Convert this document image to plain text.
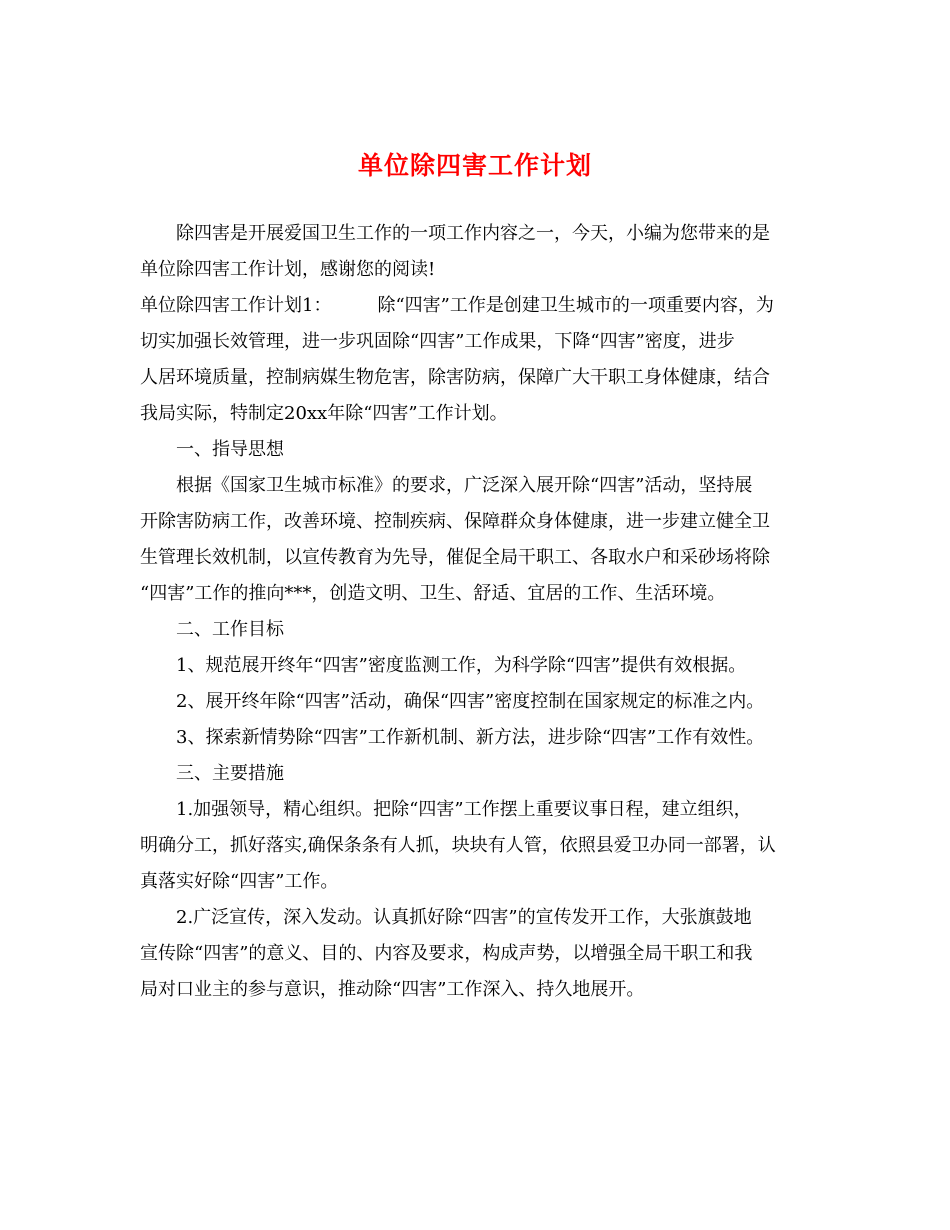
单位除四害工作计划
除四害是开展爱国卫生工作的一项工作内容之一，今天，小编为您带来的是
单位除四害工作计划，感谢您的阅读!
单位除四害工作计划1：	除“四害”工作是创建卫生城市的一项重要内容，为
切实加强长效管理，进一步巩固除“四害”工作成果，下降“四害”密度，进步
人居环境质量，控制病媒生物危害，除害防病，保障广大干职工身体健康，结合
我局实际，特制定20xx年除“四害”工作计划。
一、指导思想
根据《国家卫生城市标准》的要求，广泛深入展开除“四害”活动，坚持展
开除害防病工作，改善环境、控制疾病、保障群众身体健康，进一步建立健全卫
生管理长效机制，以宣传教育为先导，催促全局干职工、各取水户和采砂场将除
“四害”工作的推向***，创造文明、卫生、舒适、宜居的工作、生活环境。
二、工作目标
1、规范展开终年“四害”密度监测工作，为科学除“四害”提供有效根据。
2、展开终年除“四害”活动，确保“四害”密度控制在国家规定的标准之内。
3、探索新情势除“四害”工作新机制、新方法，进步除“四害”工作有效性。
三、主要措施
1.加强领导，精心组织。把除“四害”工作摆上重要议事日程，建立组织，
明确分工，抓好落实,确保条条有人抓，块块有人管，依照县爱卫办同一部署，认
真落实好除“四害”工作。
2.广泛宣传，深入发动。认真抓好除“四害”的宣传发开工作，大张旗鼓地
宣传除“四害”的意义、目的、内容及要求，构成声势，以增强全局干职工和我
局对口业主的参与意识，推动除“四害”工作深入、持久地展开。
